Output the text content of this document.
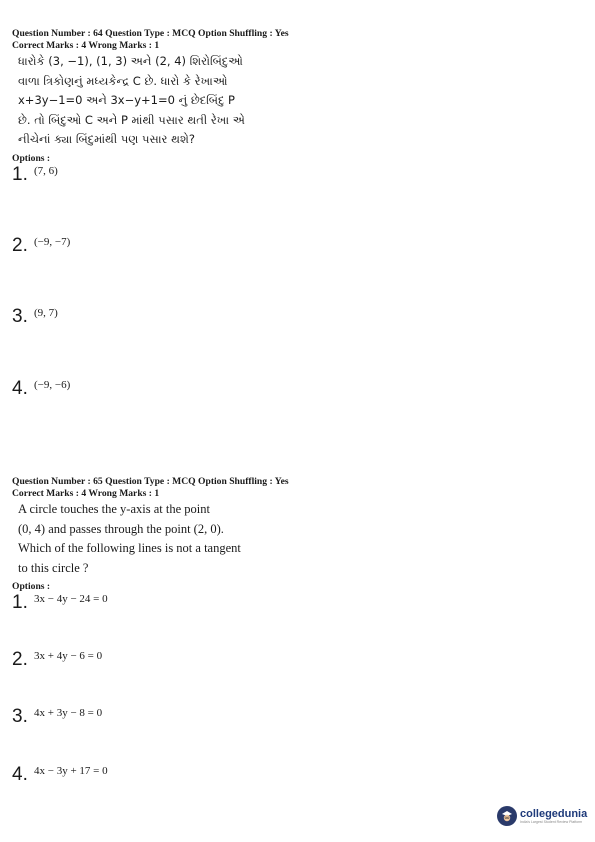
Question Number : 64 Question Type : MCQ Option Shuffling : Yes
Correct Marks : 4 Wrong Marks : 1
ધારોકે (3, −1), (1, 3) અને (2, 4) શિરોબિંદુઓ
વાળા ત્રિકોણનું મધ્યકેન્દ્ર C છે. ધારો કે રેખાઓ
x+3y−1=0 અને 3x−y+1=0 નું છેદબિંદુ P
છે. તો બિંદુઓ C અને P માંથી પસાર થતી રેખા એ
નીચેનાં ક્યા બિંદુમાંથી પણ પસાર થશે?
Options :
1. (7, 6)
2. (−9, −7)
3. (9, 7)
4. (−9, −6)
Question Number : 65 Question Type : MCQ Option Shuffling : Yes
Correct Marks : 4 Wrong Marks : 1
A circle touches the y-axis at the point
(0, 4) and passes through the point (2, 0).
Which of the following lines is not a tangent
to this circle ?
Options :
1. 3x − 4y − 24 = 0
2. 3x + 4y − 6 = 0
3. 4x + 3y − 8 = 0
4. 4x − 3y + 17 = 0
collegedunia
India's Largest Student Review Platform
